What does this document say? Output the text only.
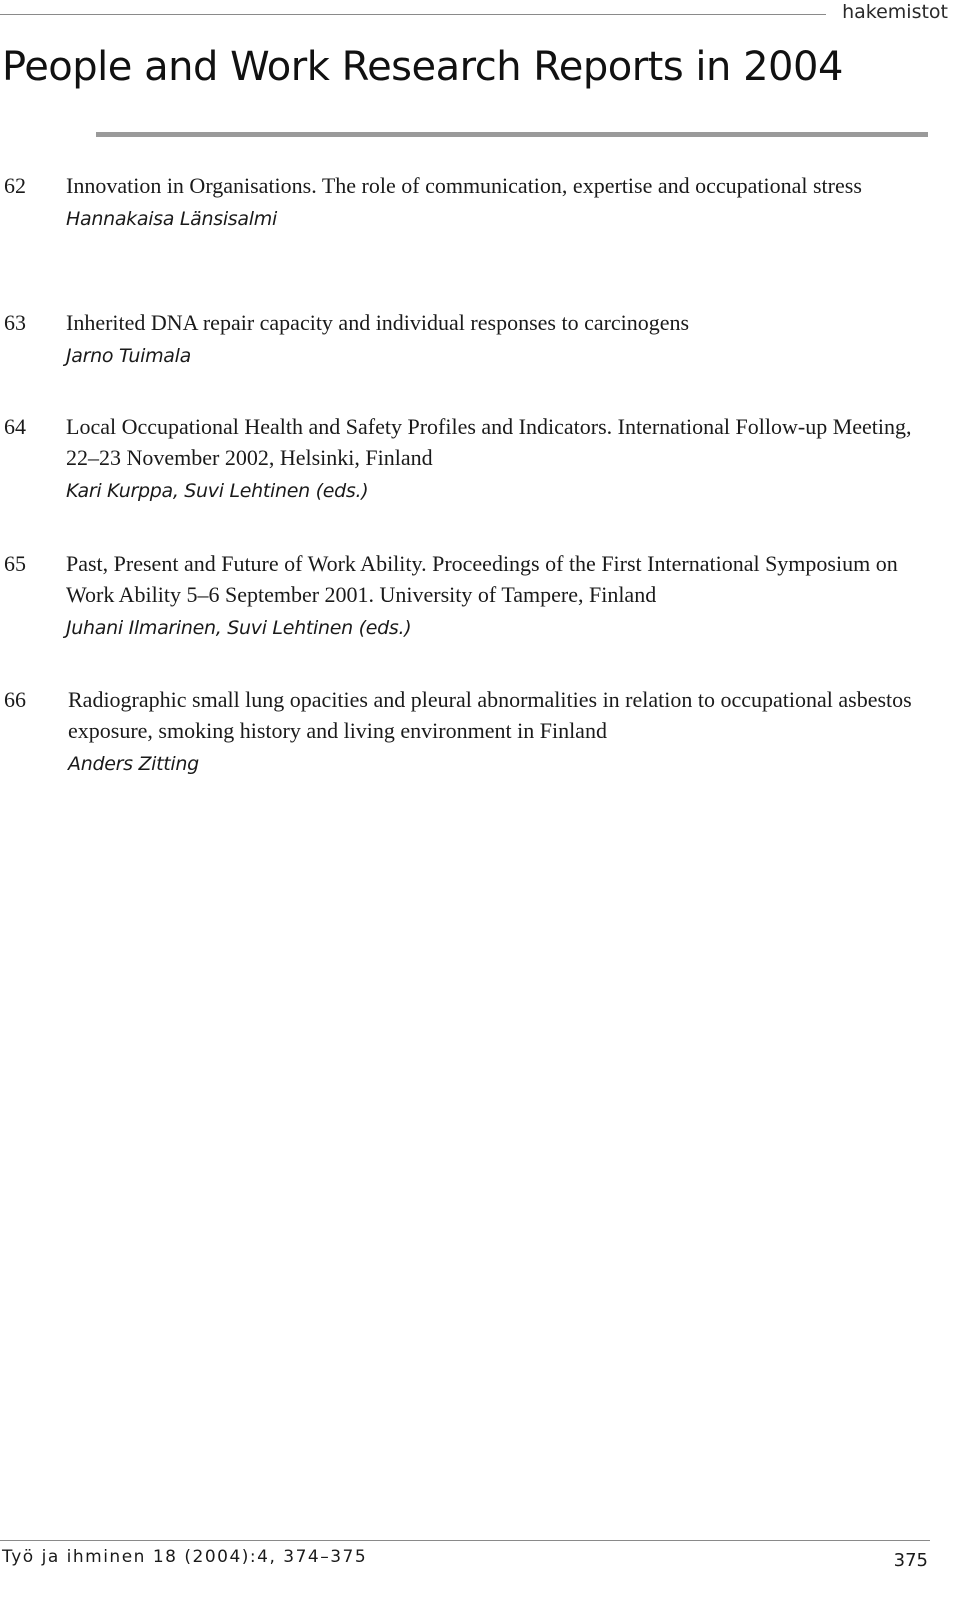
hakemistot
People and Work Research Reports in 2004
62 Innovation in Organisations. The role of communication, expertise and occupational stress
Hannakaisa Länsisalmi
63 Inherited DNA repair capacity and individual responses to carcinogens
Jarno Tuimala
64 Local Occupational Health and Safety Profiles and Indicators. International Follow-up Meeting, 22–23 November 2002, Helsinki, Finland
Kari Kurppa, Suvi Lehtinen (eds.)
65 Past, Present and Future of Work Ability. Proceedings of the First International Symposium on Work Ability 5–6 September 2001. University of Tampere, Finland
Juhani Ilmarinen, Suvi Lehtinen (eds.)
66 Radiographic small lung opacities and pleural abnormalities in relation to occupational asbestos exposure, smoking history and living environment in Finland
Anders Zitting
Työ ja ihminen 18 (2004):4, 374–375	375
